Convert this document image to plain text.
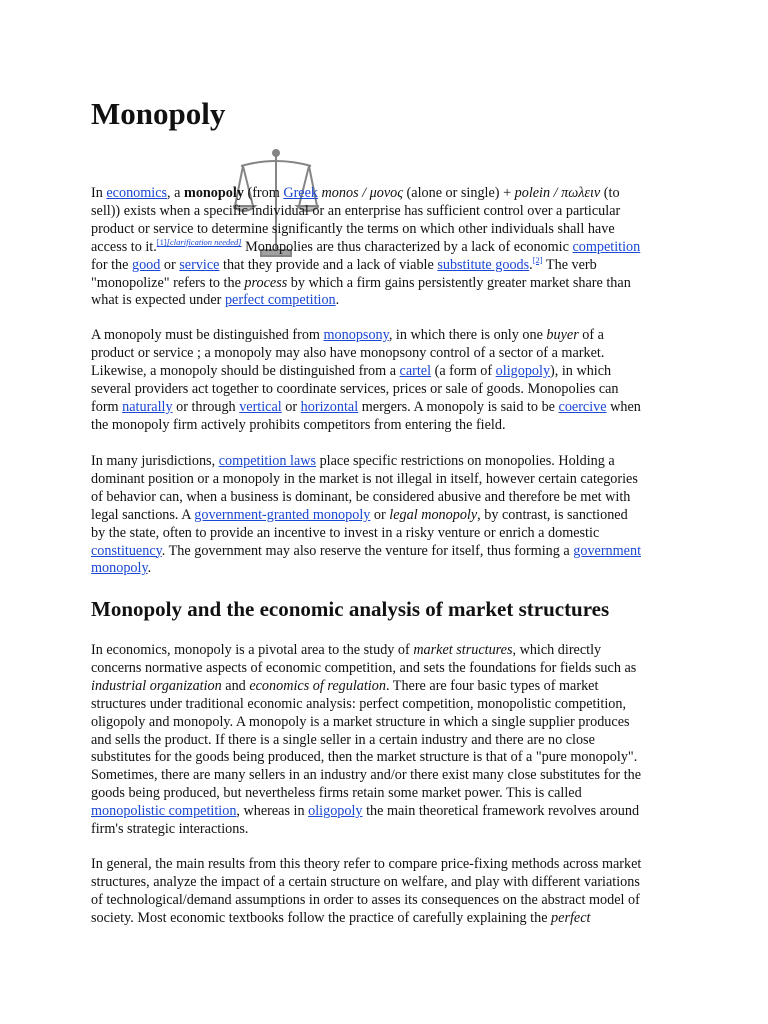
Monopoly
In economics, a monopoly (from Greek monos / μονος (alone or single) + polein / πωλειν (to
sell)) exists when a specific individual or an enterprise has sufficient control over a particular
product or service to determine significantly the terms on which other individuals shall have
access to it.[1][clarification needed] Monopolies are thus characterized by a lack of economic competition
for the good or service that they provide and a lack of viable substitute goods.[2] The verb
"monopolize" refers to the process by which a firm gains persistently greater market share than
what is expected under perfect competition.
A monopoly must be distinguished from monopsony, in which there is only one buyer of a
product or service ; a monopoly may also have monopsony control of a sector of a market.
Likewise, a monopoly should be distinguished from a cartel (a form of oligopoly), in which
several providers act together to coordinate services, prices or sale of goods. Monopolies can
form naturally or through vertical or horizontal mergers. A monopoly is said to be coercive when
the monopoly firm actively prohibits competitors from entering the field.
In many jurisdictions, competition laws place specific restrictions on monopolies. Holding a
dominant position or a monopoly in the market is not illegal in itself, however certain categories
of behavior can, when a business is dominant, be considered abusive and therefore be met with
legal sanctions. A government-granted monopoly or legal monopoly, by contrast, is sanctioned
by the state, often to provide an incentive to invest in a risky venture or enrich a domestic
constituency. The government may also reserve the venture for itself, thus forming a government
monopoly.
Monopoly and the economic analysis of market structures
In economics, monopoly is a pivotal area to the study of market structures, which directly
concerns normative aspects of economic competition, and sets the foundations for fields such as
industrial organization and economics of regulation. There are four basic types of market
structures under traditional economic analysis: perfect competition, monopolistic competition,
oligopoly and monopoly. A monopoly is a market structure in which a single supplier produces
and sells the product. If there is a single seller in a certain industry and there are no close
substitutes for the goods being produced, then the market structure is that of a "pure monopoly".
Sometimes, there are many sellers in an industry and/or there exist many close substitutes for the
goods being produced, but nevertheless firms retain some market power. This is called
monopolistic competition, whereas in oligopoly the main theoretical framework revolves around
firm's strategic interactions.
In general, the main results from this theory refer to compare price-fixing methods across market
structures, analyze the impact of a certain structure on welfare, and play with different variations
of technological/demand assumptions in order to asses its consequences on the abstract model of
society. Most economic textbooks follow the practice of carefully explaining the perfect
